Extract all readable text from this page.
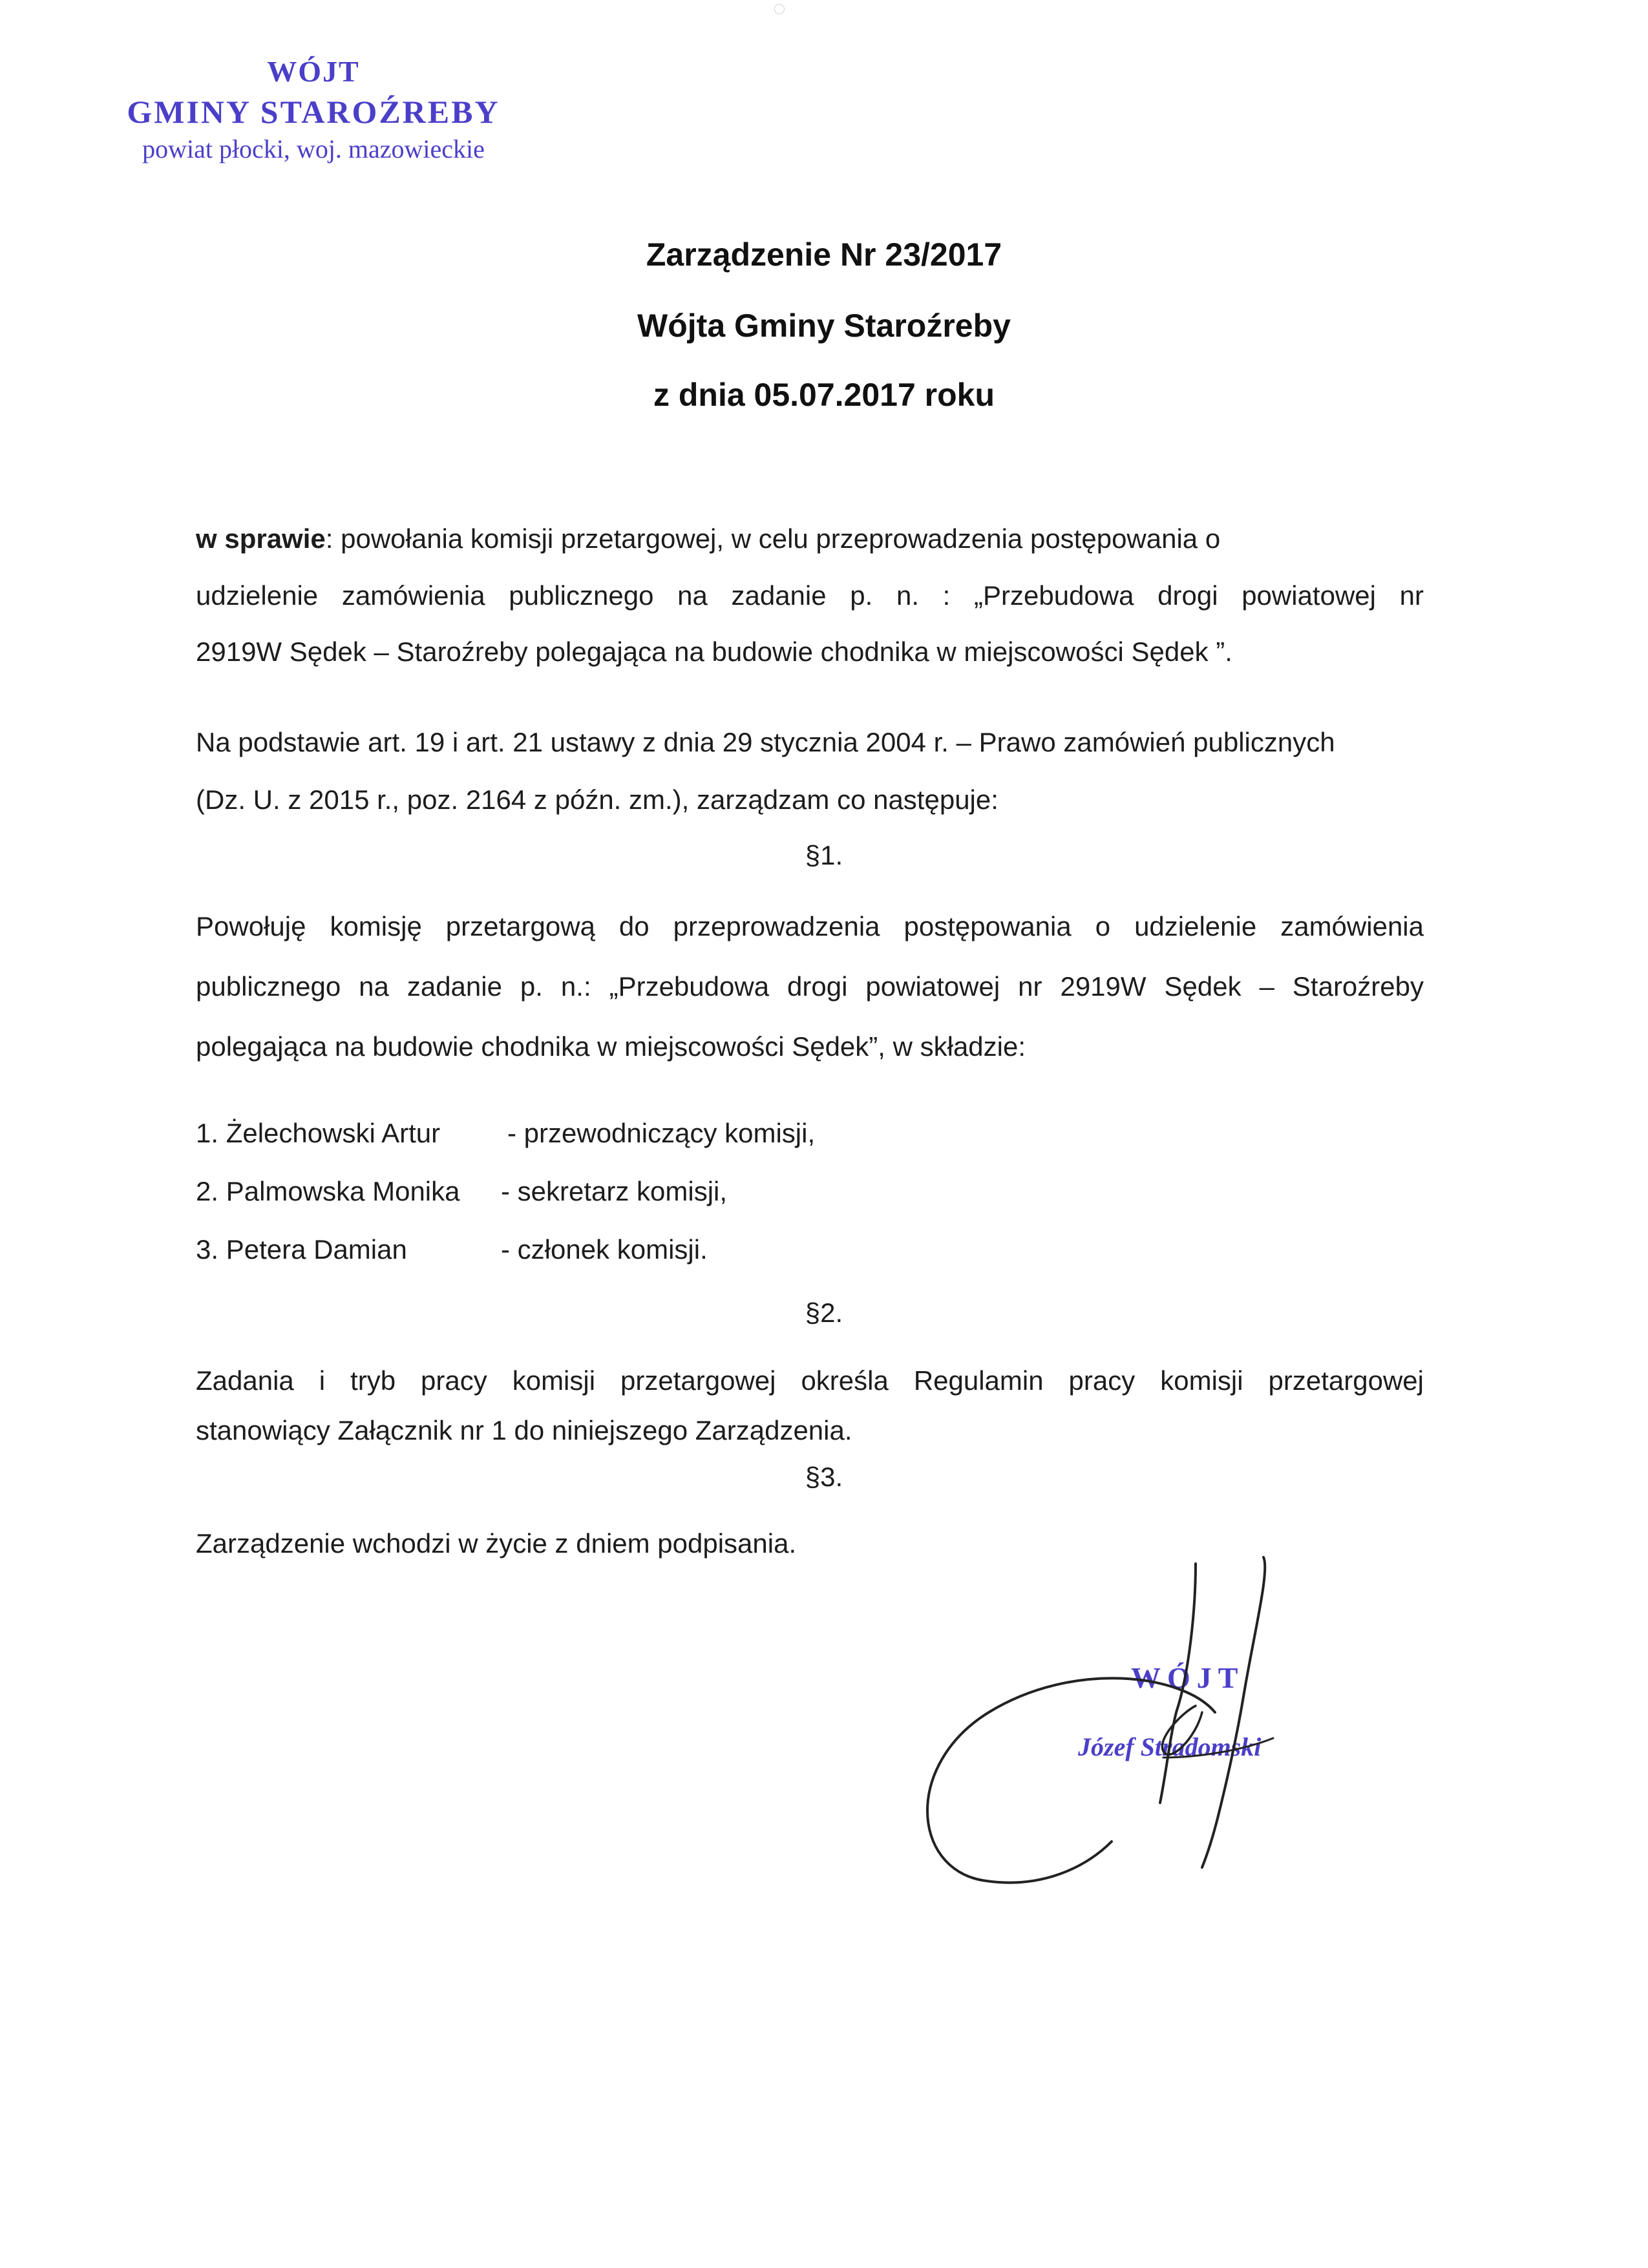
WÓJT
GMINY STAROŹREBY
powiat płocki, woj. mazowieckie
Zarządzenie Nr 23/2017
Wójta Gminy Staroźreby
z dnia 05.07.2017 roku
w sprawie: powołania komisji przetargowej, w celu przeprowadzenia postępowania o
udzielenie zamówienia publicznego na zadanie p. n. : „Przebudowa drogi powiatowej nr
2919W Sędek – Staroźreby polegająca na budowie chodnika w miejscowości Sędek ”.
Na podstawie art. 19 i art. 21 ustawy z dnia 29 stycznia 2004 r. – Prawo zamówień publicznych
(Dz. U. z 2015 r., poz. 2164 z późn. zm.), zarządzam co następuje:
§1.
Powołuję komisję przetargową do przeprowadzenia postępowania o udzielenie zamówienia
publicznego na zadanie p. n.: „Przebudowa drogi powiatowej nr 2919W Sędek – Staroźreby
polegająca na budowie chodnika w miejscowości Sędek”, w składzie:
1. Żelechowski Artur - przewodniczący komisji,
2. Palmowska Monika - sekretarz komisji,
3. Petera Damian	- członek komisji.
§2.
Zadania i tryb pracy komisji przetargowej określa Regulamin pracy komisji przetargowej
stanowiący Załącznik nr 1 do niniejszego Zarządzenia.
§3.
Zarządzenie wchodzi w życie z dniem podpisania.
WÓJT
Józef Stradomski
